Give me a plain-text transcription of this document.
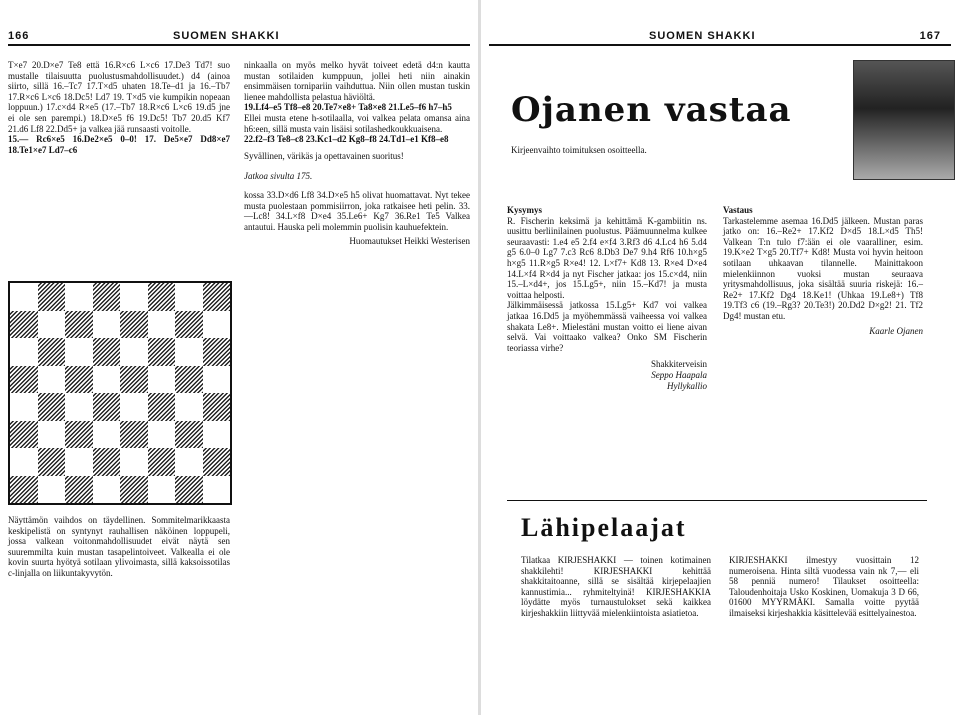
166	SUOMEN SHAKKI

T×e7 20.D×e7 Te8 että 16.R×c6 L×c6 17.De3 Td7! suo mustalle tilaisuutta puolustusmahdollisuudet.) d4 (ainoa siirto, sillä 16.–Tc7 17.T×d5 uhaten 18.Te–d1 ja 16.–Tb7 17.R×c6 L×c6 18.Dc5! Ld7 19. T×d5 vie kumpikin nopeaan loppuun.) 17.c×d4 R×e5 (17.–Tb7 18.R×c6 L×c6 19.d5 jne ei ole sen parempi.) 18.D×e5 f6 19.Dc5! Tb7 20.d5 Kf7 21.d6 Lf8 22.Dd5+ ja valkea jää runsaasti voitolle.

15.— Rc6×e5 16.De2×e5 0–0! 17. De5×e7 Dd8×e7 18.Te1×e7 Ld7–c6

Näyttämön vaihdos on täydellinen. Sommitelmarikkaasta keskipelistä on syntynyt rauhallisen näköinen loppupeli, jossa valkean voitonmahdollisuudet eivät näytä sen suuremmilta kuin mustan tasapelintoiveet. Valkealla ei ole kovin suurta hyötyä sotilaan ylivoimasta, sillä kaksoissotilas c-linjalla on liikuntakyvytön.

ninkaalla on myös melko hyvät toiveet edetä d4:n kautta mustan sotilaiden kumppuun, jollei heti niin ainakin ensimmäisen tornipariin vaihduttua. Niin ollen mustan tuskin lienee mahdollista pelastua häviöltä.

19.Lf4–e5 Tf8–e8 20.Te7×e8+ Ta8×e8 21.Le5–f6 h7–h5

Ellei musta etene h-sotilaalla, voi valkea pelata omansa aina h6:een, sillä musta vain lisäisi sotilashedkoukkuaisena.

22.f2–f3 Te8–c8 23.Kc1–d2 Kg8–f8 24.Td1–e1 Kf8–e8

Syvällinen, värikäs ja opettavainen suoritus!

Jatkoa sivulta 175.

kossa 33.D×d6 Lf8 34.D×e5 h5 olivat huomattavat. Nyt tekee musta puolestaan pommisiirron, joka ratkaisee heti pelin. 33.—Lc8! 34.L×f8 D×e4 35.Le6+ Kg7 36.Re1 Te5 Valkea antautui. Hauska peli molemmin puolisin kauhuefektein.

Huomautukset Heikki Westerisen

SUOMEN SHAKKI	167
Ojanen vastaa
Kirjeenvaihto toimituksen osoitteella.

Kysymys

R. Fischerin keksimä ja kehittämä K-gambiitin ns. uusittu berliinilainen puolustus. Päämuunnelma kulkee seuraavasti: 1.e4 e5 2.f4 e×f4 3.Rf3 d6 4.Lc4 h6 5.d4 g5 6.0–0 Lg7 7.c3 Rc6 8.Db3 De7 9.h4 Rf6 10.h×g5 h×g5 11.R×g5 R×e4! 12. L×f7+ Kd8 13. R×e4 D×e4 14.L×f4 R×d4 ja nyt Fischer jatkaa: jos 15.c×d4, niin 15.–L×d4+, jos 15.Lg5+, niin 15.–Kd7! ja musta voittaa helposti.

Jälkimmäisessä jatkossa 15.Lg5+ Kd7 voi valkea jatkaa 16.Dd5 ja myöhemmässä vaiheessa voi valkea shakata Le8+. Mielestäni mustan voitto ei liene aivan selvä. Vai voittaako valkea? Onko SM Fischerin teoriassa virhe?

Shakkiterveisin

Seppo Haapala

Hyllykallio

Vastaus

Tarkastelemme asemaa 16.Dd5 jälkeen. Mustan paras jatko on: 16.–Re2+ 17.Kf2 D×d5 18.L×d5 Th5! Valkean T:n tulo f7:ään ei ole vaaralliner, esim. 19.K×e2 T×g5 20.Tf7+ Kd8! Musta voi hyvin heitoon sotilaan uhkaavan tilannelle. Mainittakoon mielenkiinnon vuoksi mustan seuraava yritysmahdollisuus, joka sisältää suuria riskejä: 16.–Re2+ 17.Kf2 Dg4 18.Ke1! (Uhkaa 19.Le8+) Tf8 19.Tf3 c6 (19.–Rg3? 20.Te3!) 20.Dd2 D×g2! 21. Tf2 Dg4! mustan etu.

Kaarle Ojanen

Lähipelaajat

Tilatkaa KIRJESHAKKI — toinen kotimainen shakkilehti! KIRJESHAKKI kehittää shakkitaitoanne, sillä se sisältää kirjepelaajien kannustimia... ryhmiteltyinä! KIRJESHAKKIA löydätte myös turnaustulokset sekä kaikkea kirjeshakkiin liittyvää mielenkiintoista asiatietoa.

KIRJESHAKKI ilmestyy vuosittain 12 numeroisena. Hinta siltä vuodessa vain nk 7,— eli 58 penniä numero! Tilaukset osoitteella: Taloudenhoitaja Usko Koskinen, Uomakuja 3 D 66, 01600 MYYRMÄKI. Samalla voitte pyytää ilmaiseksi kirjeshakkia käsittelevää esittelyainestoa.
